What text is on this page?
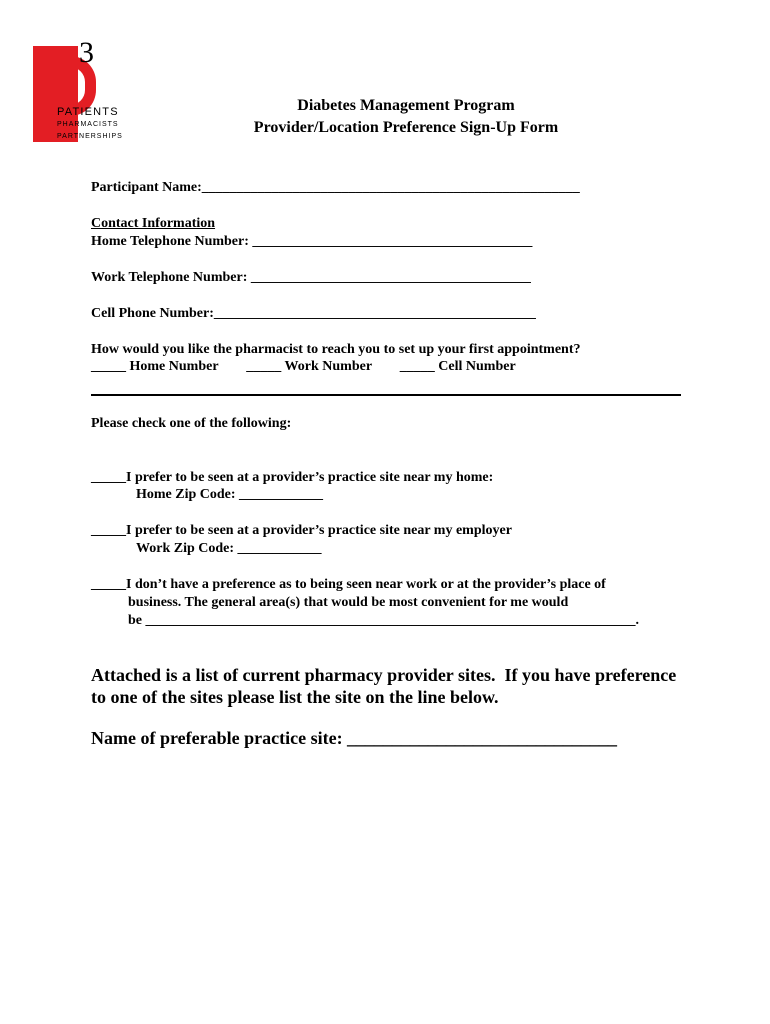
3
PATIENTS
PHARMACISTS
PARTNERSHIPS
Diabetes Management Program
Provider/Location Preference Sign-Up Form
Participant Name:______________________________________________________
Contact Information
Home Telephone Number: ________________________________________
Work Telephone Number: ________________________________________
Cell Phone Number:______________________________________________
How would you like the pharmacist to reach you to set up your first appointment?
_____ Home Number        _____ Work Number        _____ Cell Number
Please check one of the following:
_____I prefer to be seen at a provider’s practice site near my home:
Home Zip Code: ____________
_____I prefer to be seen at a provider’s practice site near my employer
Work Zip Code: ____________
_____I don’t have a preference as to being seen near work or at the provider’s place of
business. The general area(s) that would be most convenient for me would
be ______________________________________________________________________.
Attached is a list of current pharmacy provider sites.  If you have preference
to one of the sites please list the site on the line below.
Name of preferable practice site: ______________________________
